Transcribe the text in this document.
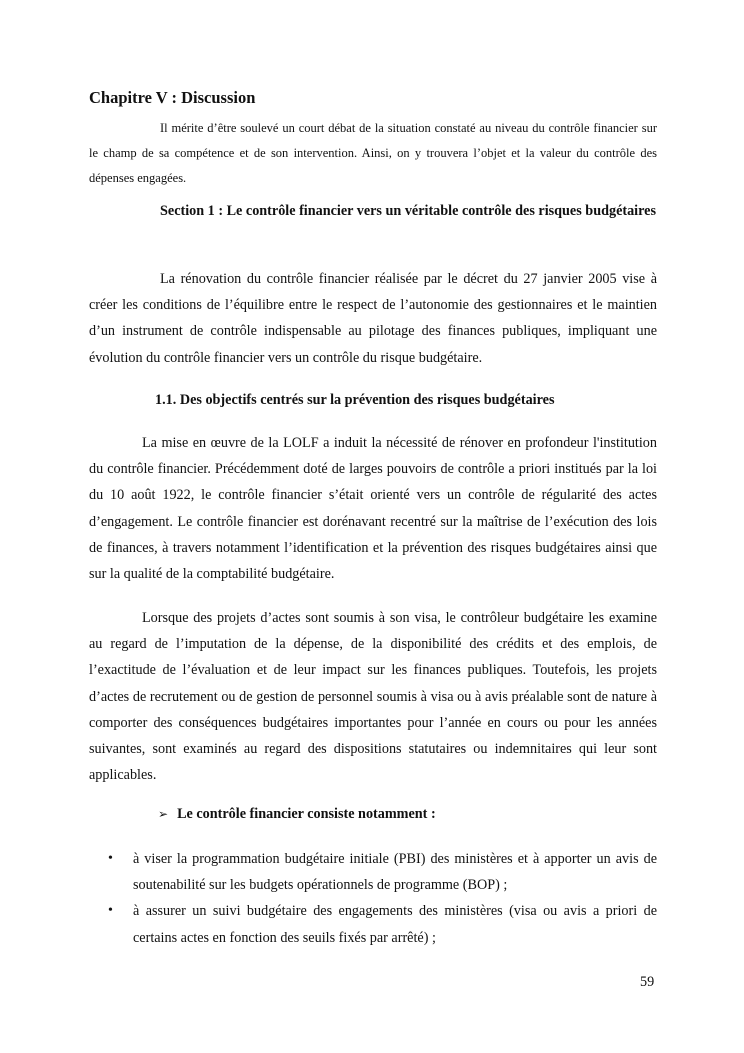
Chapitre V : Discussion

Il mérite d’être soulevé un court débat de la situation constaté au niveau du contrôle financier sur le champ de sa compétence et de son intervention. Ainsi, on y trouvera l’objet et la valeur du contrôle des dépenses engagées.

Section 1 : Le contrôle financier vers un véritable contrôle des risques budgétaires

La rénovation du contrôle financier réalisée par le décret du 27 janvier 2005 vise à créer les conditions de l’équilibre entre le respect de l’autonomie des gestionnaires et le maintien d’un instrument de contrôle indispensable au pilotage des finances publiques, impliquant une évolution du contrôle financier vers un contrôle du risque budgétaire.

1.1. Des objectifs centrés sur la prévention des risques budgétaires

La mise en œuvre de la LOLF a induit la nécessité de rénover en profondeur l'institution du contrôle financier. Précédemment doté de larges pouvoirs de contrôle a priori institués par la loi du 10 août 1922, le contrôle financier s’était orienté vers un contrôle de régularité des actes d’engagement. Le contrôle financier est dorénavant recentré sur la maîtrise de l’exécution des lois de finances, à travers notamment l’identification et la prévention des risques budgétaires ainsi que sur la qualité de la comptabilité budgétaire.

Lorsque des projets d’actes sont soumis à son visa, le contrôleur budgétaire les examine au regard de l’imputation de la dépense, de la disponibilité des crédits et des emplois, de l’exactitude de l’évaluation et de leur impact sur les finances publiques. Toutefois, les projets d’actes de recrutement ou de gestion de personnel soumis à visa ou à avis préalable sont de nature à comporter des conséquences budgétaires importantes pour l’année en cours ou pour les années suivantes, sont examinés au regard des dispositions statutaires ou indemnitaires qui leur sont applicables.

➢ Le contrôle financier consiste notamment :
• à viser la programmation budgétaire initiale (PBI) des ministères et à apporter un avis de soutenabilité sur les budgets opérationnels de programme (BOP) ;
• à assurer un suivi budgétaire des engagements des ministères (visa ou avis a priori de certains actes en fonction des seuils fixés par arrêté) ;
59
